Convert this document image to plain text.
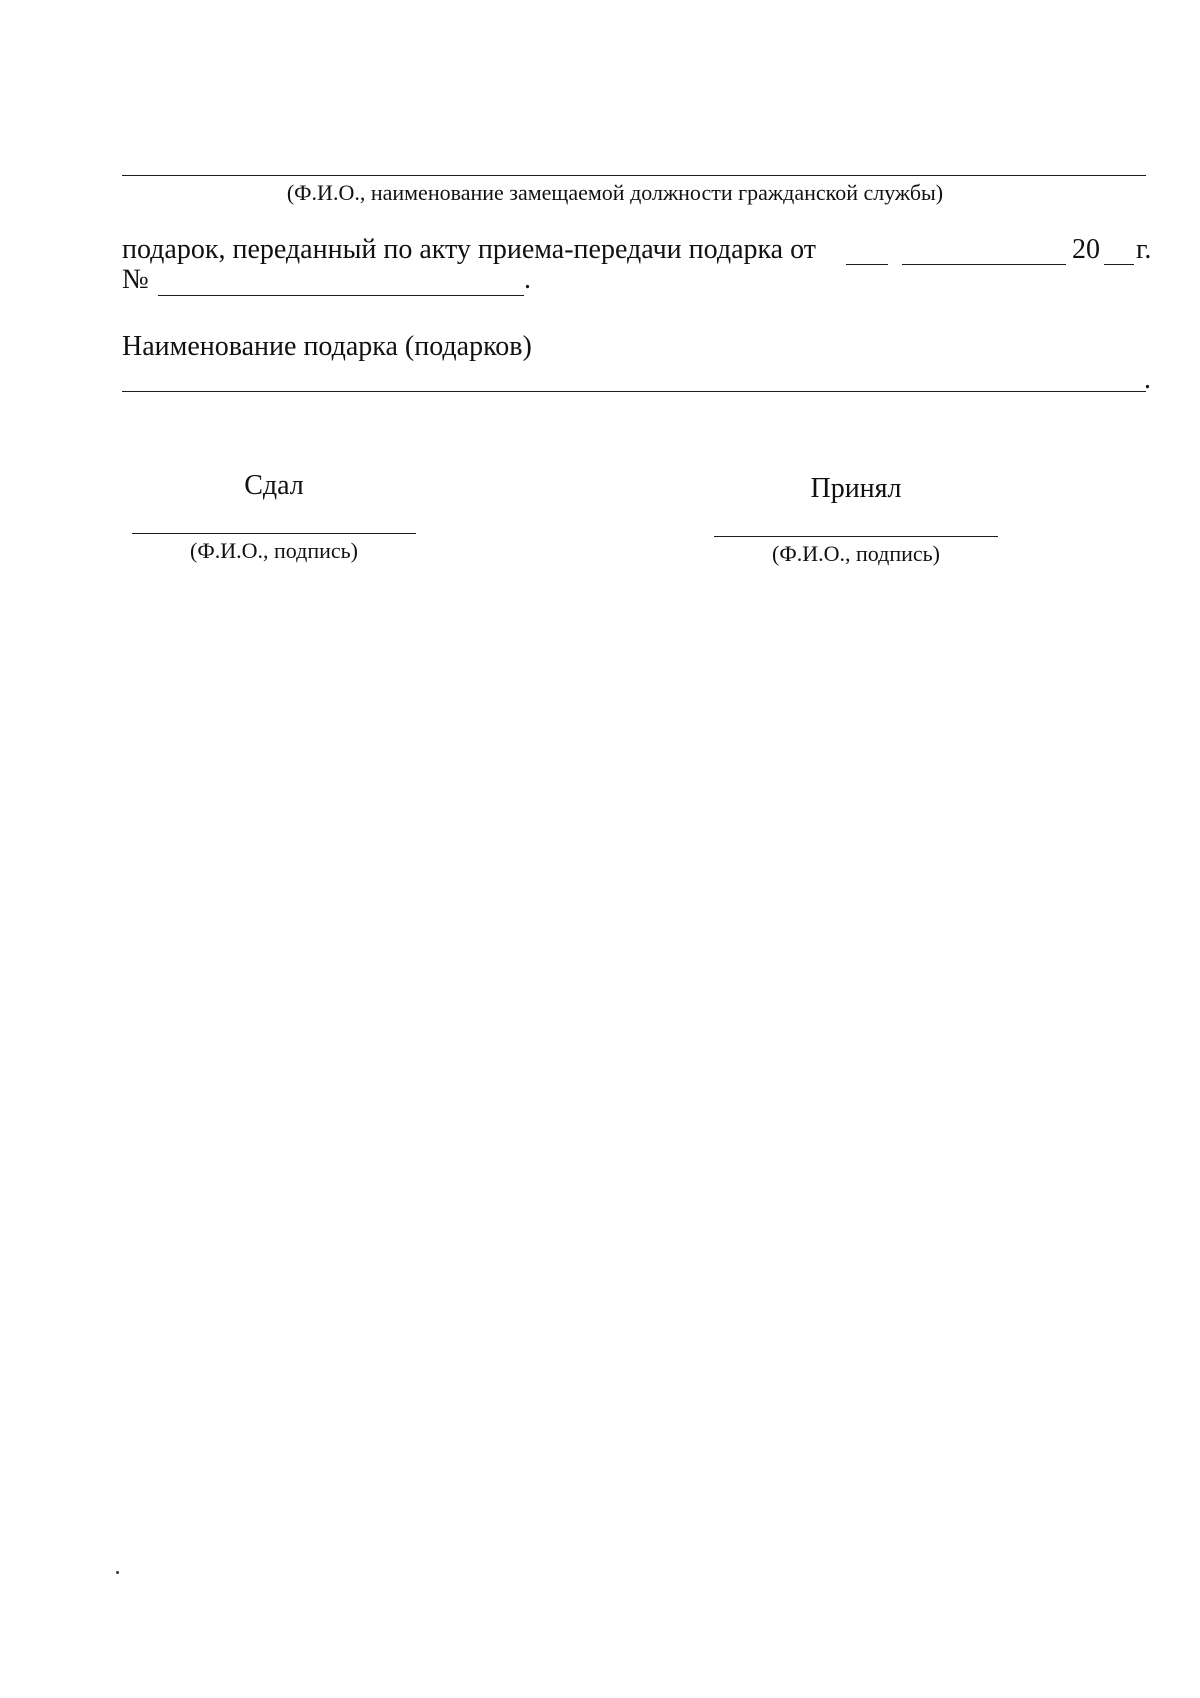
(Ф.И.О., наименование замещаемой должности гражданской службы)
подарок, переданный по акту приема-передачи подарка от	20 г.
№	.
Наименование подарка (подарков)
.
Сдал
(Ф.И.О., подпись)
Принял
(Ф.И.О., подпись)
